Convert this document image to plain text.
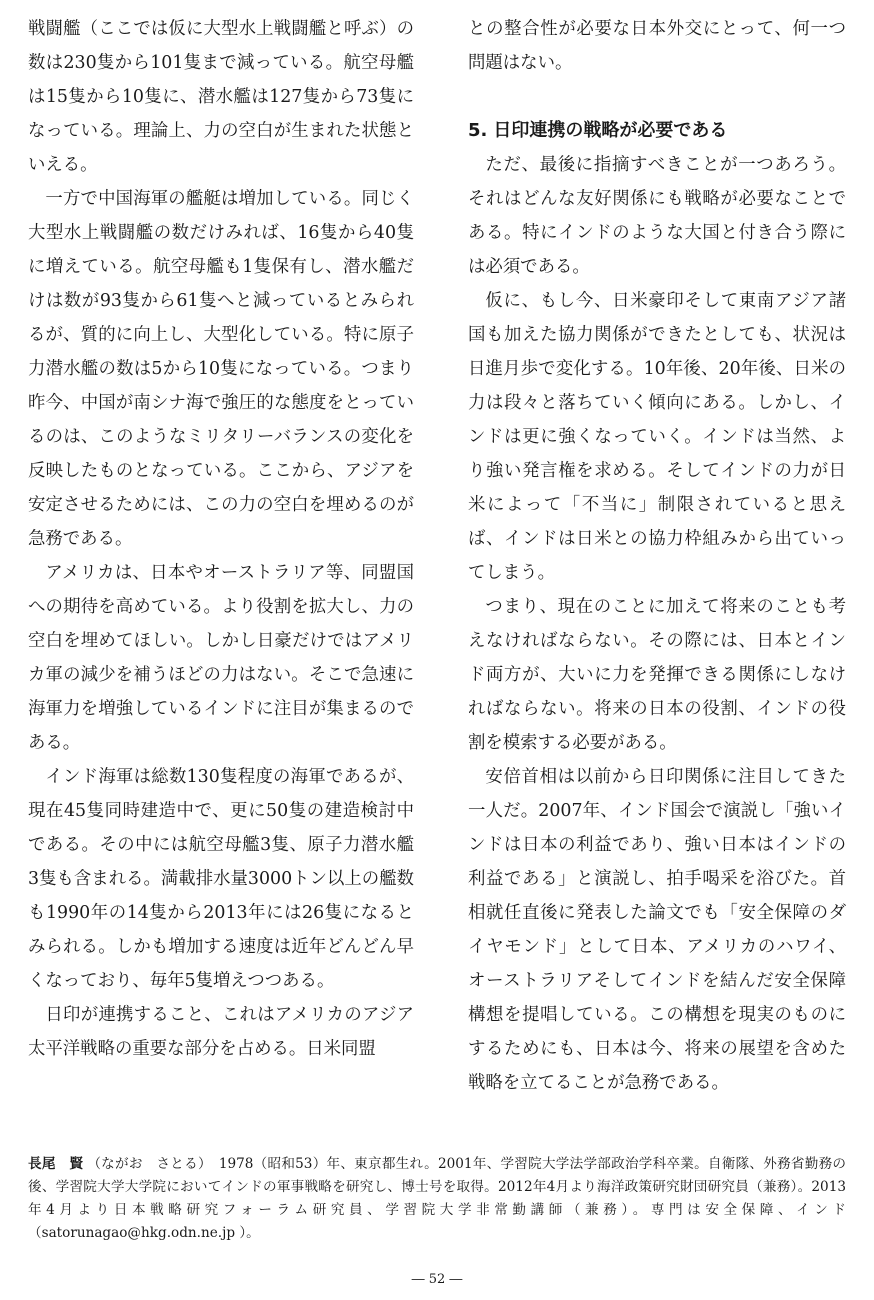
戦闘艦（ここでは仮に大型水上戦闘艦と呼ぶ）の数は230隻から101隻まで減っている。航空母艦は15隻から10隻に、潜水艦は127隻から73隻になっている。理論上、力の空白が生まれた状態といえる。

一方で中国海軍の艦艇は増加している。同じく大型水上戦闘艦の数だけみれば、16隻から40隻に増えている。航空母艦も1隻保有し、潜水艦だけは数が93隻から61隻へと減っているとみられるが、質的に向上し、大型化している。特に原子力潜水艦の数は5から10隻になっている。つまり昨今、中国が南シナ海で強圧的な態度をとっているのは、このようなミリタリーバランスの変化を反映したものとなっている。ここから、アジアを安定させるためには、この力の空白を埋めるのが急務である。

アメリカは、日本やオーストラリア等、同盟国への期待を高めている。より役割を拡大し、力の空白を埋めてほしい。しかし日豪だけではアメリカ軍の減少を補うほどの力はない。そこで急速に海軍力を増強しているインドに注目が集まるのである。

インド海軍は総数130隻程度の海軍であるが、現在45隻同時建造中で、更に50隻の建造検討中である。その中には航空母艦3隻、原子力潜水艦3隻も含まれる。満載排水量3000トン以上の艦数も1990年の14隻から2013年には26隻になるとみられる。しかも増加する速度は近年どんどん早くなっており、毎年5隻増えつつある。

日印が連携すること、これはアメリカのアジア太平洋戦略の重要な部分を占める。日米同盟

との整合性が必要な日本外交にとって、何一つ問題はない。

5. 日印連携の戦略が必要である

ただ、最後に指摘すべきことが一つあろう。それはどんな友好関係にも戦略が必要なことである。特にインドのような大国と付き合う際には必須である。

仮に、もし今、日米豪印そして東南アジア諸国も加えた協力関係ができたとしても、状況は日進月歩で変化する。10年後、20年後、日米の力は段々と落ちていく傾向にある。しかし、インドは更に強くなっていく。インドは当然、より強い発言権を求める。そしてインドの力が日米によって「不当に」制限されていると思えば、インドは日米との協力枠組みから出ていってしまう。

つまり、現在のことに加えて将来のことも考えなければならない。その際には、日本とインド両方が、大いに力を発揮できる関係にしなければならない。将来の日本の役割、インドの役割を模索する必要がある。

安倍首相は以前から日印関係に注目してきた一人だ。2007年、インド国会で演説し「強いインドは日本の利益であり、強い日本はインドの利益である」と演説し、拍手喝采を浴びた。首相就任直後に発表した論文でも「安全保障のダイヤモンド」として日本、アメリカのハワイ、オーストラリアそしてインドを結んだ安全保障構想を提唱している。この構想を現実のものにするためにも、日本は今、将来の展望を含めた戦略を立てることが急務である。

長尾　賢 （ながお　さとる）　1978（昭和53）年、東京都生れ。2001年、学習院大学法学部政治学科卒業。自衛隊、外務省勤務の後、学習院大学大学院においてインドの軍事戦略を研究し、博士号を取得。2012年4月より海洋政策研究財団研究員（兼務）。2013年4月より日本戦略研究フォーラム研究員、学習院大学非常勤講師（兼務）。専門は安全保障、インド（satorunagao@hkg.odn.ne.jp ）。
― 52 ―
